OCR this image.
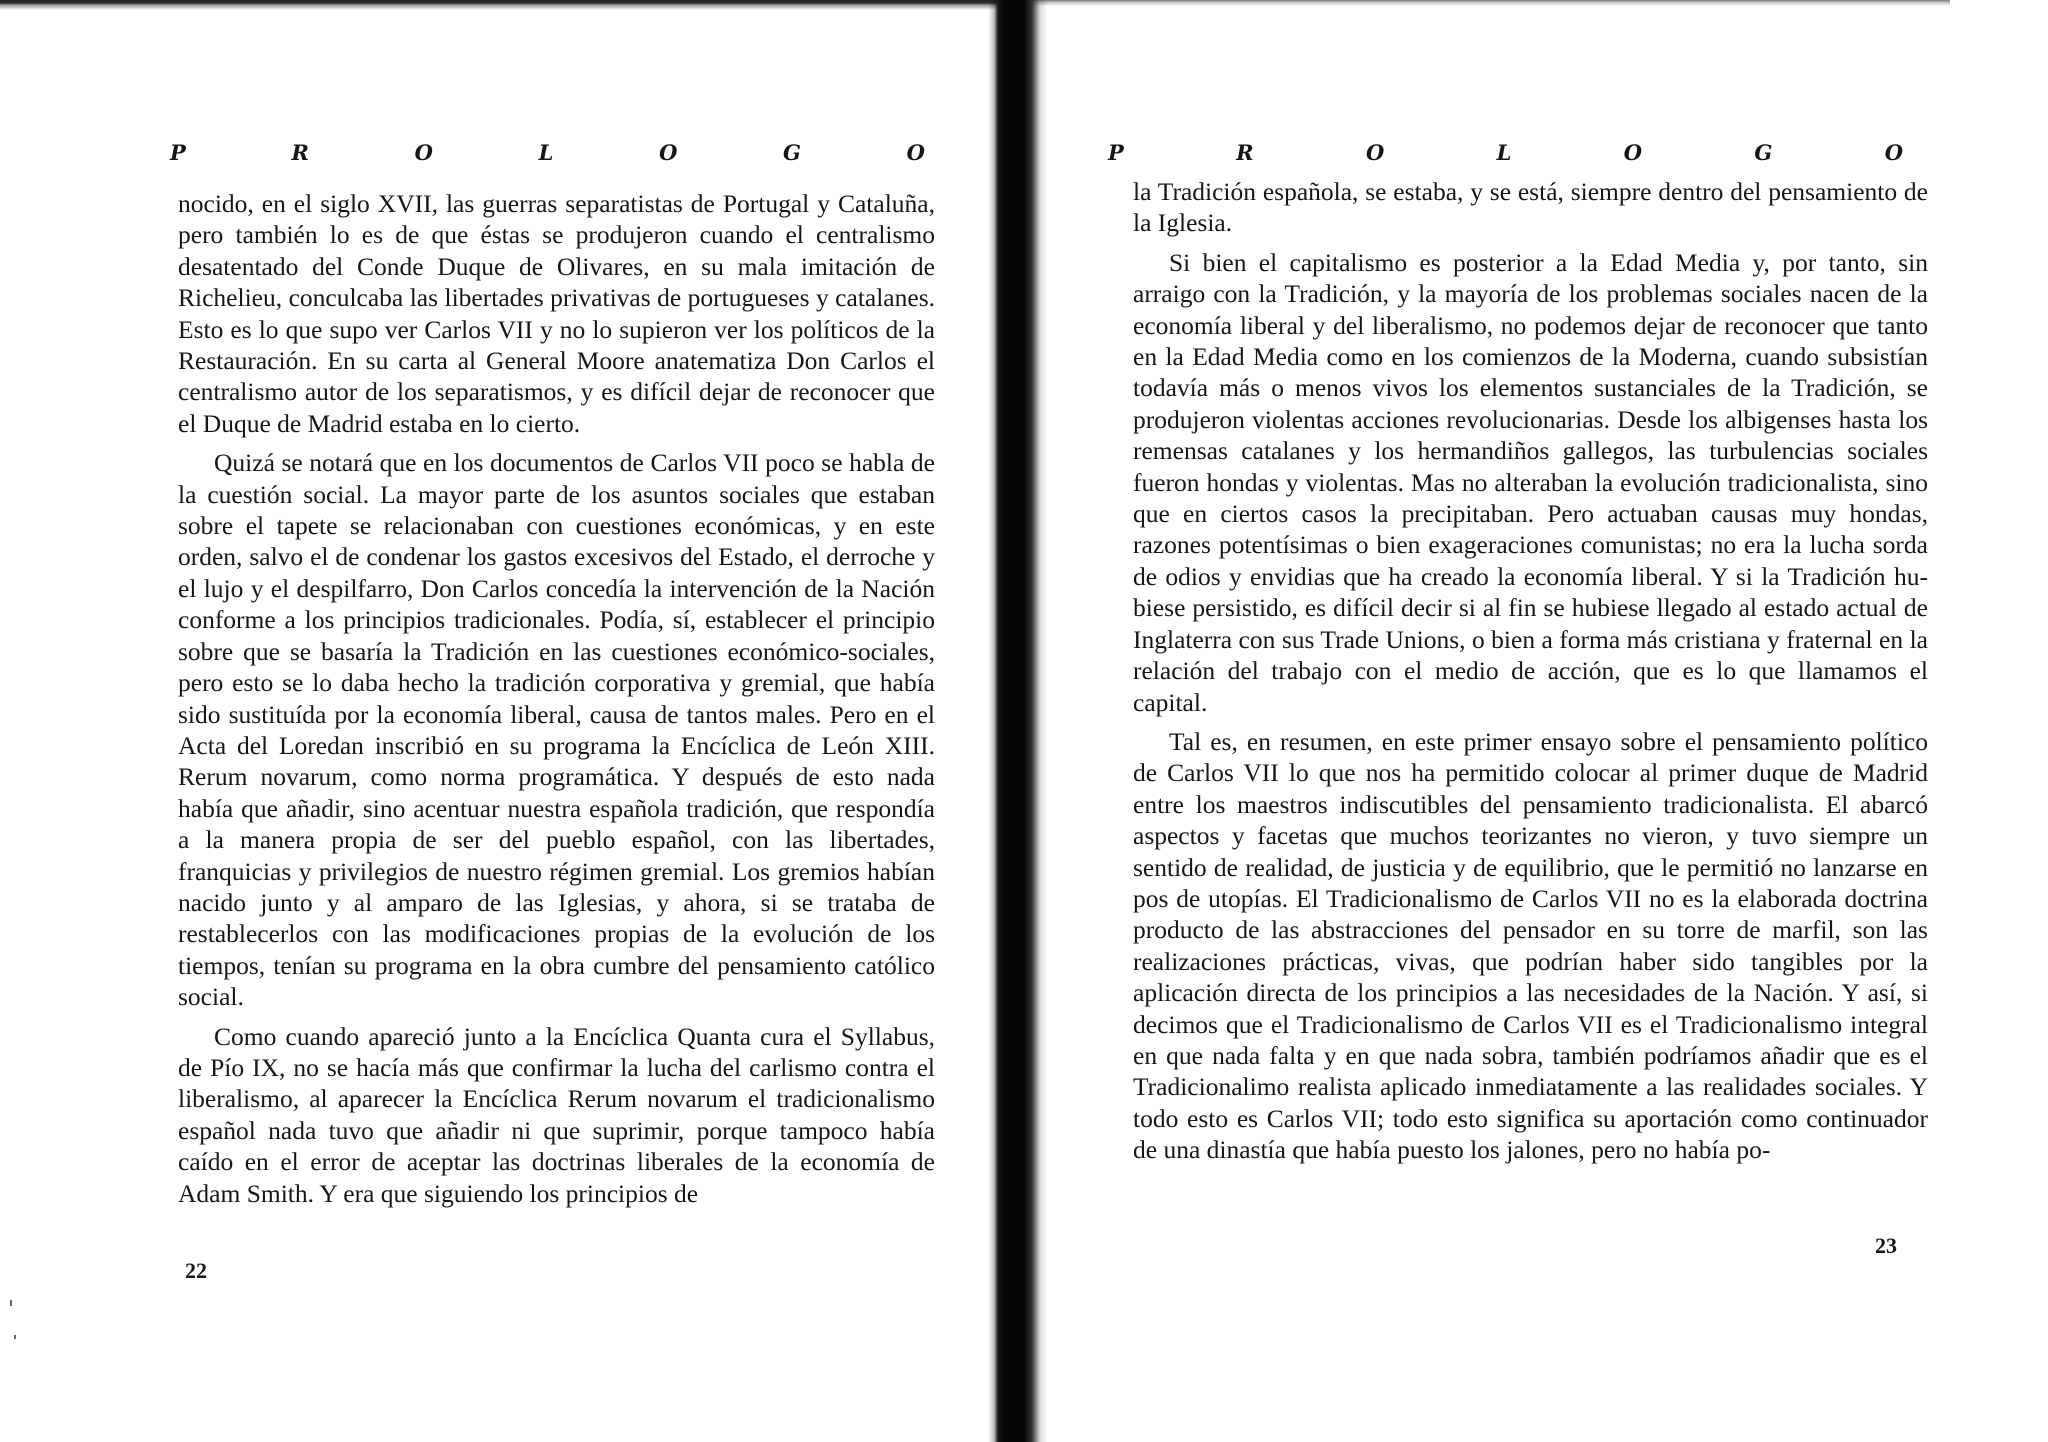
P	R	O	L	O	G	O

nocido, en el siglo XVII, las guerras separatistas de Portugal y Cataluña, pero también lo es de que éstas se produjeron cuando el centralismo desatentado del Conde Duque de Olivares, en su mala imitación de Richelieu, conculcaba las libertades privativas de portugueses y catalanes. Esto es lo que supo ver Carlos VII y no lo supieron ver los políticos de la Restauración. En su carta al General Moore anatematiza Don Carlos el centralismo autor de los separatismos, y es difícil dejar de reconocer que el Duque de Madrid estaba en lo cierto.

Quizá se notará que en los documentos de Carlos VII poco se habla de la cuestión social. La mayor parte de los asuntos sociales que estaban sobre el tapete se relacionaban con cuestiones económicas, y en este orden, salvo el de condenar los gastos excesivos del Estado, el derroche y el lujo y el despilfarro, Don Carlos concedía la intervención de la Nación conforme a los principios tradicionales. Podía, sí, establecer el principio sobre que se basaría la Tradición en las cuestiones económico-sociales, pero esto se lo daba hecho la tradición corporativa y gremial, que había sido sustituída por la economía liberal, causa de tantos males. Pero en el Acta del Loredan inscribió en su programa la Encíclica de León XIII. Rerum novarum, como norma programática. Y después de esto nada había que añadir, sino acentuar nuestra española tradición, que respondía a la manera propia de ser del pueblo español, con las libertades, franquicias y privilegios de nuestro régimen gremial. Los gremios habían nacido junto y al amparo de las Iglesias, y ahora, si se trataba de restablecerlos con las modificaciones propias de la evolución de los tiempos, tenían su programa en la obra cumbre del pensamiento católico social.

Como cuando apareció junto a la Encíclica Quanta cura el Syllabus, de Pío IX, no se hacía más que confirmar la lucha del carlismo contra el liberalismo, al aparecer la Encíclica Rerum novarum el tradicionalismo español nada tuvo que añadir ni que suprimir, porque tampoco había caído en el error de aceptar las doctrinas liberales de la economía de Adam Smith. Y era que siguiendo los principios de

22
P	R	O	L	O	G	O

la Tradición española, se estaba, y se está, siempre dentro del pensamiento de la Iglesia.

Si bien el capitalismo es posterior a la Edad Media y, por tanto, sin arraigo con la Tradición, y la mayoría de los problemas sociales nacen de la economía liberal y del liberalismo, no podemos dejar de reconocer que tanto en la Edad Media como en los comienzos de la Moderna, cuando subsistían todavía más o menos vivos los elementos sustanciales de la Tradición, se produjeron violentas acciones revolucionarias. Desde los albigenses hasta los remensas catalanes y los hermandiños gallegos, las turbulencias sociales fueron hondas y violentas. Mas no alteraban la evolución tradicionalista, sino que en ciertos casos la precipitaban. Pero actuaban causas muy hondas, razones potentísimas o bien exageraciones comunistas; no era la lucha sorda de odios y envidias que ha creado la economía liberal. Y si la Tradición hubiese persistido, es difícil decir si al fin se hubiese llegado al estado actual de Inglaterra con sus Trade Unions, o bien a forma más cristiana y fraternal en la relación del trabajo con el medio de acción, que es lo que llamamos el capital.

Tal es, en resumen, en este primer ensayo sobre el pensamiento político de Carlos VII lo que nos ha permitido colocar al primer duque de Madrid entre los maestros indiscutibles del pensamiento tradicionalista. El abarcó aspectos y facetas que muchos teorizantes no vieron, y tuvo siempre un sentido de realidad, de justicia y de equilibrio, que le permitió no lanzarse en pos de utopías. El Tradicionalismo de Carlos VII no es la elaborada doctrina producto de las abstracciones del pensador en su torre de marfil, son las realizaciones prácticas, vivas, que podrían haber sido tangibles por la aplicación directa de los principios a las necesidades de la Nación. Y así, si decimos que el Tradicionalismo de Carlos VII es el Tradicionalismo integral en que nada falta y en que nada sobra, también podríamos añadir que es el Tradicionalimo realista aplicado inmediatamente a las realidades sociales. Y todo esto es Carlos VII; todo esto significa su aportación como continuador de una dinastía que había puesto los jalones, pero no había po-

23
